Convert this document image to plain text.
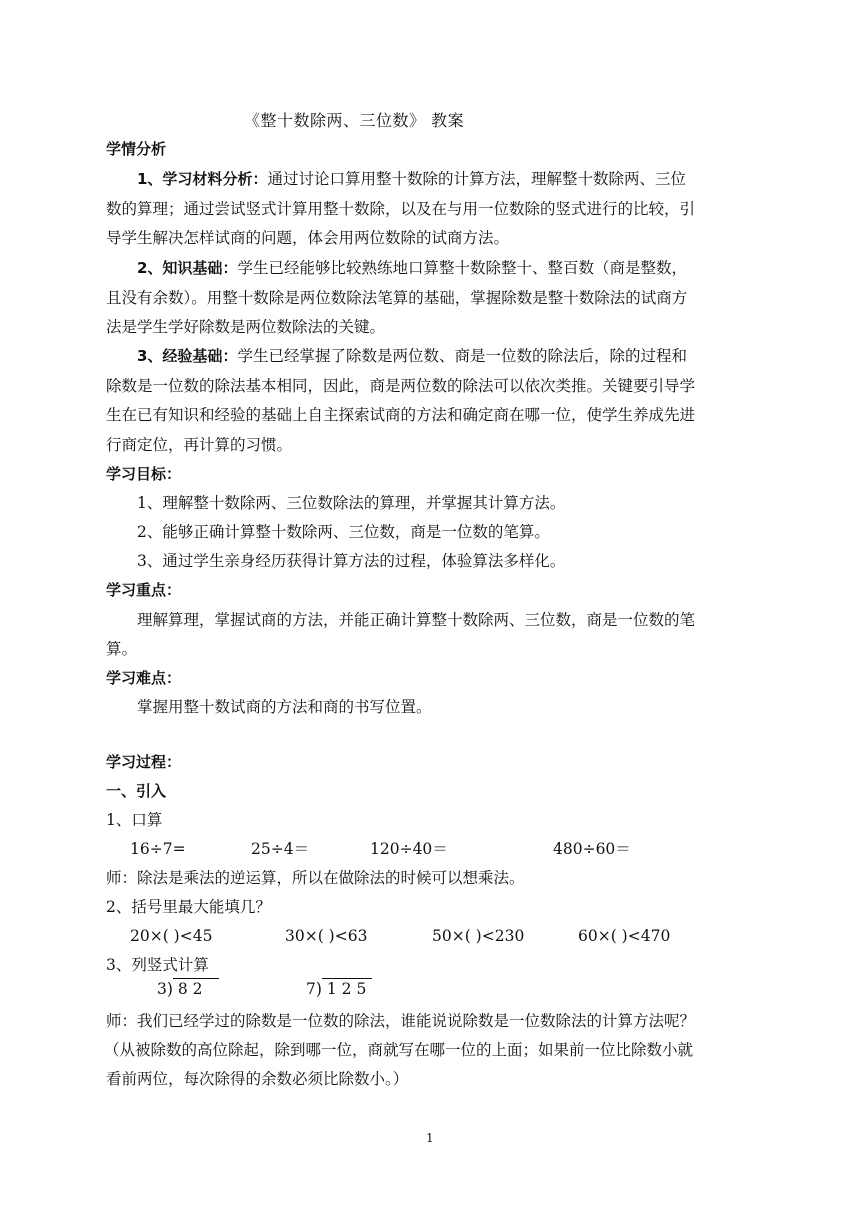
《整十数除两、三位数》 教案
学情分析
1、学习材料分析：通过讨论口算用整十数除的计算方法，理解整十数除两、三位
数的算理；通过尝试竖式计算用整十数除，以及在与用一位数除的竖式进行的比较，引
导学生解决怎样试商的问题，体会用两位数除的试商方法。
2、知识基础：学生已经能够比较熟练地口算整十数除整十、整百数（商是整数，
且没有余数）。用整十数除是两位数除法笔算的基础，掌握除数是整十数除法的试商方
法是学生学好除数是两位数除法的关键。
3、经验基础：学生已经掌握了除数是两位数、商是一位数的除法后，除的过程和
除数是一位数的除法基本相同，因此，商是两位数的除法可以依次类推。关键要引导学
生在已有知识和经验的基础上自主探索试商的方法和确定商在哪一位，使学生养成先进
行商定位，再计算的习惯。
学习目标：
1、理解整十数除两、三位数除法的算理，并掌握其计算方法。
2、能够正确计算整十数除两、三位数，商是一位数的笔算。
3、通过学生亲身经历获得计算方法的过程，体验算法多样化。
学习重点：
理解算理，掌握试商的方法，并能正确计算整十数除两、三位数，商是一位数的笔
算。
学习难点：
掌握用整十数试商的方法和商的书写位置。
学习过程：
一、引入
1、口算
16÷7=	25÷4＝	120÷40＝	480÷60＝
师：除法是乘法的逆运算，所以在做除法的时候可以想乘法。
2、括号里最大能填几？
20×( )<45	30×( )<63	50×( )<230	60×( )<470
3、列竖式计算
3) 8 2	7) 1 2 5
师：我们已经学过的除数是一位数的除法，谁能说说除数是一位数除法的计算方法呢？
（从被除数的高位除起，除到哪一位，商就写在哪一位的上面；如果前一位比除数小就
看前两位，每次除得的余数必须比除数小。）
1
